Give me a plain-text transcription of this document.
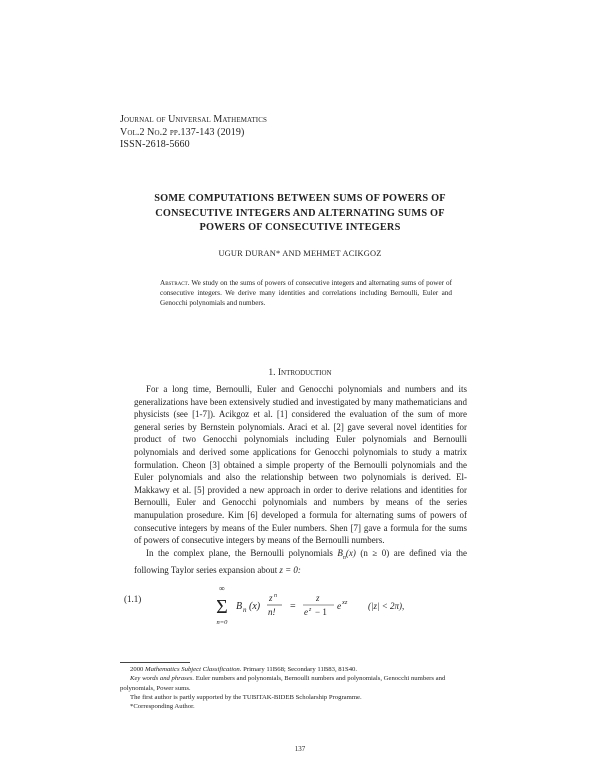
Journal of Universal Mathematics
Vol.2 No.2 pp.137-143 (2019)
ISSN-2618-5660
SOME COMPUTATIONS BETWEEN SUMS OF POWERS OF
CONSECUTIVE INTEGERS AND ALTERNATING SUMS OF
POWERS OF CONSECUTIVE INTEGERS
UGUR DURAN* AND MEHMET ACIKGOZ
Abstract. We study on the sums of powers of consecutive integers and alternating sums of power of consecutive integers. We derive many identities and correlations including Bernoulli, Euler and Genocchi polynomials and numbers.
1. Introduction

For a long time, Bernoulli, Euler and Genocchi polynomials and numbers and its generalizations have been extensively studied and investigated by many mathematicians and physicists (see [1-7]). Acikgoz et al. [1] considered the evaluation of the sum of more general series by Bernstein polynomials. Araci et al. [2] gave several novel identities for product of two Genocchi polynomials including Euler polynomials and Bernoulli polynomials and derived some applications for Genocchi polynomials to study a matrix formulation. Cheon [3] obtained a simple property of the Bernoulli polynomials and the Euler polynomials and also the relationship between two polynomials is derived. El-Makkawy et al. [5] provided a new approach in order to derive relations and identities for Bernoulli, Euler and Genocchi polynomials and numbers by means of the series manupulation prosedure. Kim [6] developed a formula for alternating sums of powers of consecutive integers by means of the Euler numbers. Shen [7] gave a formula for the sums of powers of consecutive integers by means of the Bernoulli numbers.

In the complex plane, the Bernoulli polynomials $B_n(x) (n \ge 0)$ are defined via the following Taylor series expansion about z = 0:

(1.1)
∞
Σ
n=0
B n (x)
z n
n! =
z
e z − 1 e xz (|z| < 2π),

2000 Mathematics Subject Classification. Primary 11B68; Secondary 11B83, 81S40.

Key words and phrases. Euler numbers and polynomials, Bernoulli numbers and polynomials, Genocchi numbers and polynomials, Power sums.

The first author is partly supported by the TUBITAK-BIDEB Scholarship Programme.

*Corresponding Author.

137
